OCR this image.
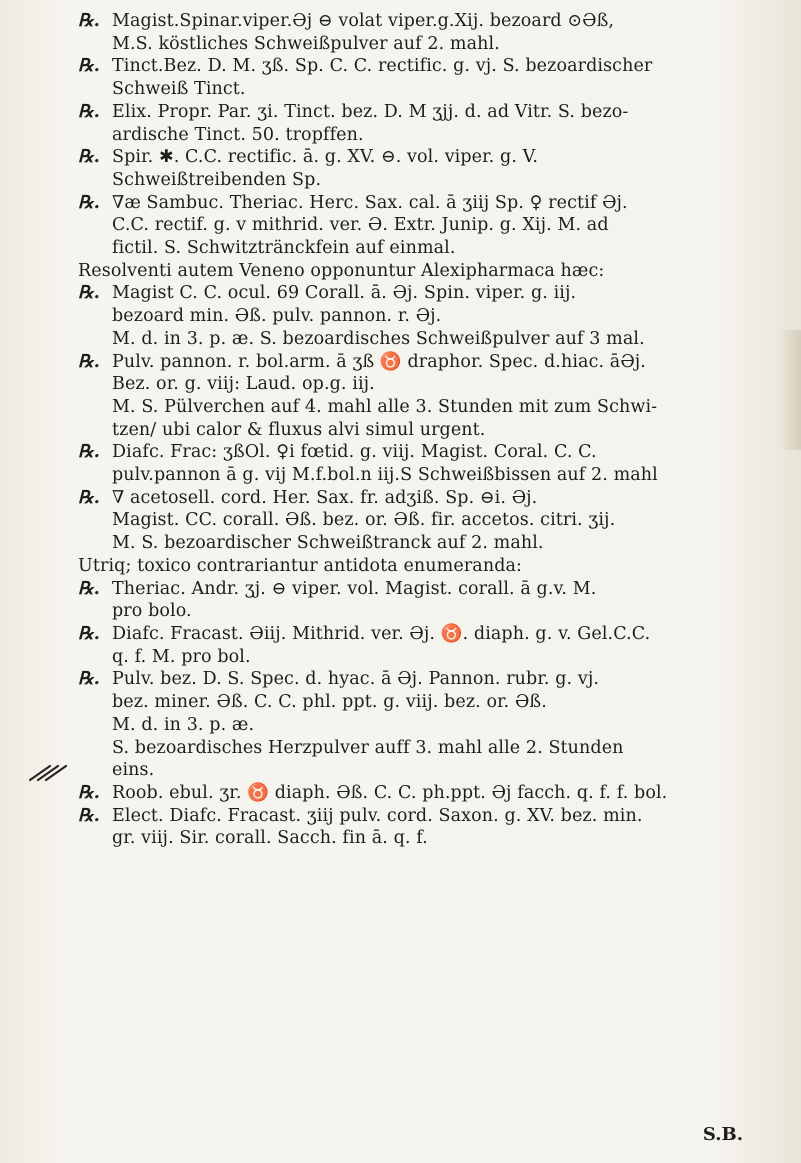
℞. Magist.Spinar.viper.Əj ⊖ volat viper.g.Xij. bezoard ⊙Əß,
M.S. köstliches Schweißpulver auf 2. mahl.
℞. Tinct.Bez. D. M. ʒß. Sp. C. C. rectific. g. vj. S. bezoardischer
Schweiß Tinct.
℞. Elix. Propr. Par. ʒi. Tinct. bez. D. M ʒjj. d. ad Vitr. S. bezo-
ardische Tinct. 50. tropffen.
℞. Spir. ✱. C.C. rectific. ā. g. XV. ⊖. vol. viper. g. V.
Schweißtreibenden Sp.
℞. ∇æ Sambuc. Theriac. Herc. Sax. cal. ā ʒiij Sp. ♀ rectif Əj.
C.C. rectif. g. v mithrid. ver. Ə. Extr. Junip. g. Xij. M. ad
fictil. S. Schwitztränckfein auf einmal.
Resolventi autem Veneno opponuntur Alexipharmaca hæc:
℞. Magist C. C. ocul. 69 Corall. ā. Əj. Spin. viper. g. iij.
bezoard min. Əß. pulv. pannon. r. Əj.
M. d. in 3. p. æ. S. bezoardisches Schweißpulver auf 3 mal.
℞. Pulv. pannon. r. bol.arm. ā ʒß ♉ draphor. Spec. d.hiac. āƏj.
Bez. or. g. viij: Laud. op.g. iij.
M. S. Pülverchen auf 4. mahl alle 3. Stunden mit zum Schwi-
tzen/ ubi calor & fluxus alvi simul urgent.
℞. Diafc. Frac: ʒßOl. ♀i fœtid. g. viij. Magist. Coral. C. C.
pulv.pannon ā g. vij M.f.bol.n iij.S Schweißbissen auf 2. mahl
℞. ∇ acetosell. cord. Her. Sax. fr. adʒiß. Sp. ⊖i. Əj.
Magist. CC. corall. Əß. bez. or. Əß. fir. accetos. citri. ʒij.
M. S. bezoardischer Schweißtranck auf 2. mahl.
Utriq; toxico contrariantur antidota enumeranda:
℞. Theriac. Andr. ʒj. ⊖ viper. vol. Magist. corall. ā g.v. M.
pro bolo.
℞. Diafc. Fracast. Əiij. Mithrid. ver. Əj. ♉. diaph. g. v. Gel.C.C.
q. f. M. pro bol.
℞. Pulv. bez. D. S. Spec. d. hyac. ā Əj. Pannon. rubr. g. vj.
bez. miner. Əß. C. C. phl. ppt. g. viij. bez. or. Əß.
M. d. in 3. p. æ.
S. bezoardisches Herzpulver auff 3. mahl alle 2. Stunden
eins.
℞. Roob. ebul. ʒr. ♉ diaph. Əß. C. C. ph.ppt. Əj facch. q. f. f. bol.
℞. Elect. Diafc. Fracast. ʒiij pulv. cord. Saxon. g. XV. bez. min.
gr. viij. Sir. corall. Sacch. fin ā. q. f.
S.B.
